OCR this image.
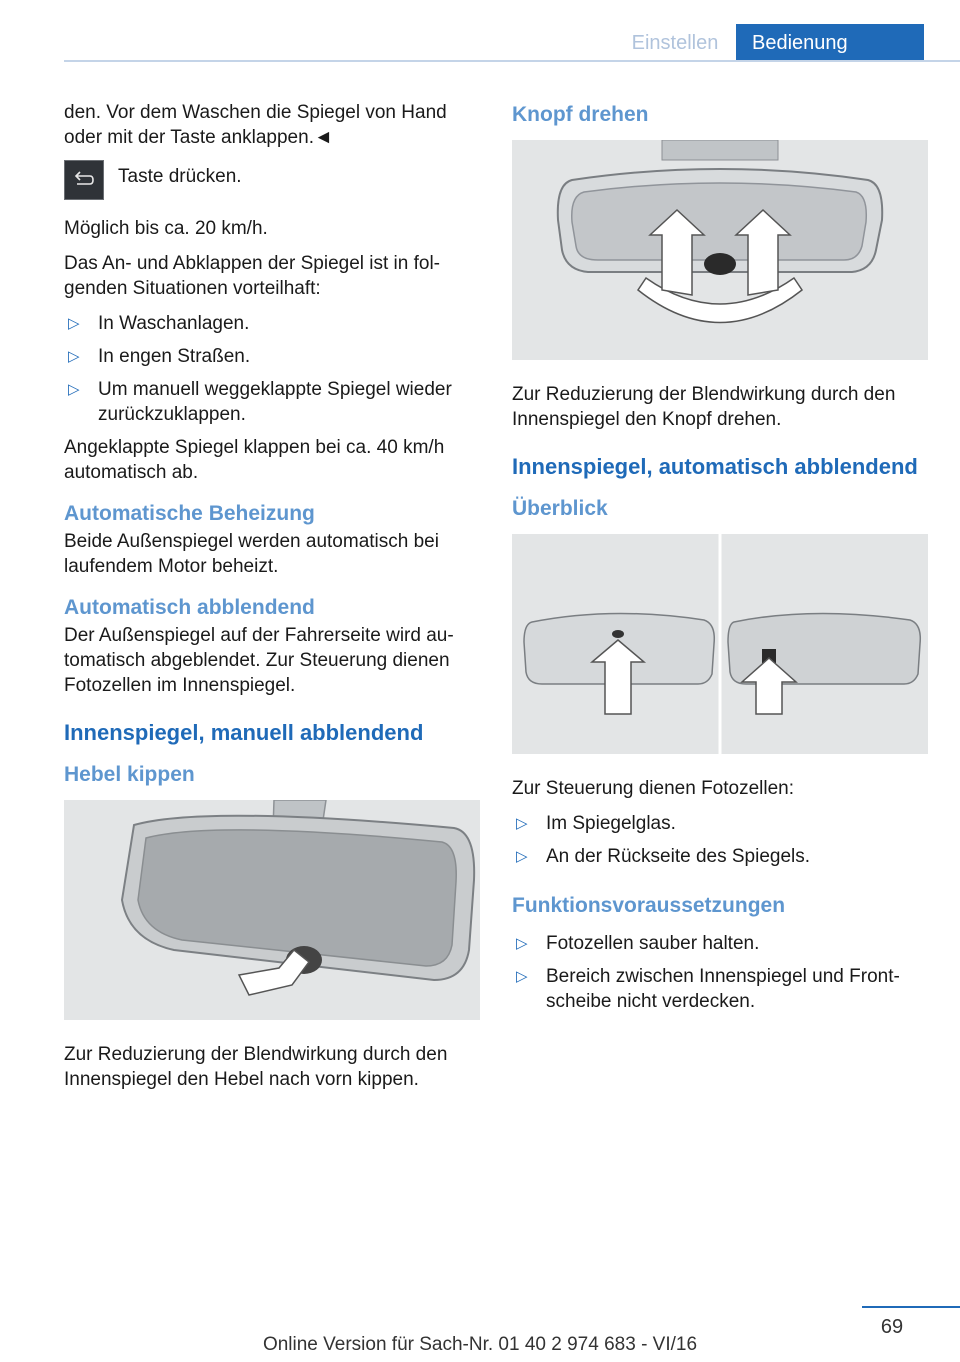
Einstellen	Bedienung

den. Vor dem Waschen die Spiegel von Hand oder mit der Taste anklappen.◄

Taste drücken.

Möglich bis ca. 20 km/h.

Das An- und Abklappen der Spiegel ist in fol‐ genden Situationen vorteilhaft:

▷ In Waschanlagen.
▷ In engen Straßen.
▷ Um manuell weggeklappte Spiegel wieder zurückzuklappen.

Angeklappte Spiegel klappen bei ca. 40 km/h automatisch ab.

Automatische Beheizung

Beide Außenspiegel werden automatisch bei laufendem Motor beheizt.

Automatisch abblendend

Der Außenspiegel auf der Fahrerseite wird au‐ tomatisch abgeblendet. Zur Steuerung dienen Fotozellen im Innenspiegel.

Innenspiegel, manuell abblendend
Hebel kippen

Zur Reduzierung der Blendwirkung durch den Innenspiegel den Hebel nach vorn kippen.

Knopf drehen

Zur Reduzierung der Blendwirkung durch den Innenspiegel den Knopf drehen.

Innenspiegel, automatisch abblendend
Überblick

Zur Steuerung dienen Fotozellen:

▷ Im Spiegelglas.
▷ An der Rückseite des Spiegels.
Funktionsvoraussetzungen
▷ Fotozellen sauber halten.
▷ Bereich zwischen Innenspiegel und Front‐ scheibe nicht verdecken.
69
Online Version für Sach-Nr. 01 40 2 974 683 - VI/16
